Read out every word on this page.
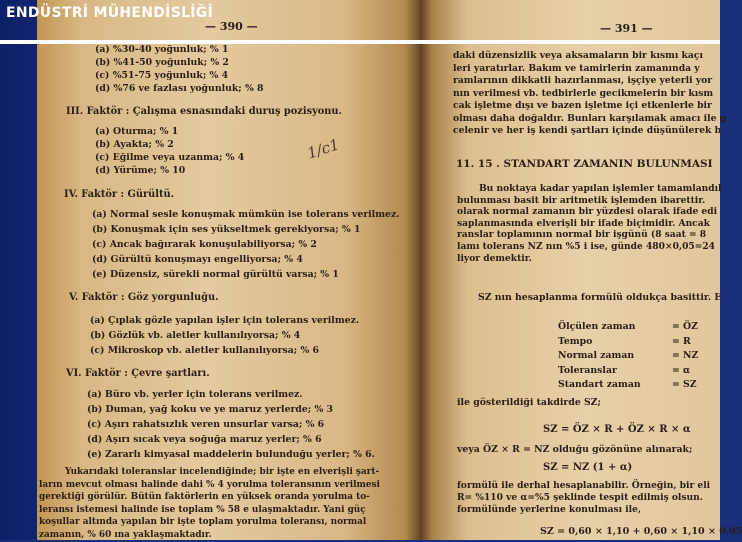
ENDÜSTRİ MÜHENDİSLİĞİ
— 390 —
(a) %30-40 yoğunluk; % 1
(b) %41-50 yoğunluk; % 2
(c) %51-75 yoğunluk; % 4
(d) %76 ve fazlası yoğunluk; % 8
III. Faktör : Çalışma esnasındaki duruş pozisyonu.
(a) Oturma; % 1
(b) Ayakta; % 2
(c) Eğilme veya uzanma; % 4
(d) Yürüme; % 10
1/c1
IV. Faktör : Gürültü.
(a) Normal sesle konuşmak mümkün ise tolerans verilmez.
(b) Konuşmak için ses yükseltmek gerekiyorsa; % 1
(c) Ancak bağırarak konuşulabiliyorsa; % 2
(d) Gürültü konuşmayı engelliyorsa; % 4
(e) Düzensiz, sürekli normal gürültü varsa; % 1
V. Faktör : Göz yorgunluğu.
(a) Çıplak gözle yapılan işler için tolerans verilmez.
(b) Gözlük vb. aletler kullanılıyorsa; % 4
(c) Mikroskop vb. aletler kullanılıyorsa; % 6
VI. Faktör : Çevre şartları.
(a) Büro vb. yerler için tolerans verilmez.
(b) Duman, yağ koku ve ye maruz yerlerde; % 3
(c) Aşırı rahatsızlık veren unsurlar varsa; % 6
(d) Aşırı sıcak veya soğuğa maruz yerler; % 6
(e) Zararlı kimyasal maddelerin bulunduğu yerler; % 6.
Yukarıdaki toleranslar incelendiğinde; bir işte en elverişli şart-
ların mevcut olması halinde dahi % 4 yorulma toleransının verilmesi
gerektiği görülür. Bütün faktörlerin en yüksek oranda yorulma to-
leransı istemesi halinde ise toplam % 58 e ulaşmaktadır. Yani güç
koşullar altında yapılan bir işte toplam yorulma toleransı, normal
zamanın, % 60 ına yaklaşmaktadır.
— 391 —
daki düzensizlik veya aksamaların bir kısmı kaçı
leri yaratırlar. Bakım ve tamirlerin zamanında y
ramlarının dikkatli hazırlanması, işçiye yeterli yor
nın verilmesi vb. tedbirlerle gecikmelerin bir kısm
cak işletme dışı ve bazen işletme içi etkenlerle bir
olması daha doğaldır. Bunları karşılamak amacı ile g
celenir ve her iş kendi şartları içinde düşünülerek b
11. 15 . STANDART ZAMANIN BULUNMASI
Bu noktaya kadar yapılan işlemler tamamlandıl
bulunması basit bir aritmetik işlemden ibarettir.
olarak normal zamanın bir yüzdesi olarak ifade edi
saplanmasında elverişli bir ifade biçimidir. Ancak
ranslar toplamının normal bir işgünü (8 saat = 8
lamı tolerans NZ nın %5 i ise, günde 480×0,05=24
liyor demektir.
SZ nın hesaplanma formülü oldukça basittir. E
Ölçülen zaman	= ÖZ
Tempo	= R
Normal zaman	= NZ
Toleranslar	= α
Standart zaman	= SZ
ile gösterildiği takdirde SZ;
SZ = ÖZ × R + ÖZ × R × α
veya ÖZ × R = NZ olduğu gözönüne alınarak;
SZ = NZ (1 + α)
formülü ile derhal hesaplanabilir. Örneğin, bir eli
R= %110 ve α=%5 şeklinde tespit edilmiş olsun.
formülünde yerlerine konulması ile,
SZ = 0,60 × 1,10 + 0,60 × 1,10 × 0,05
